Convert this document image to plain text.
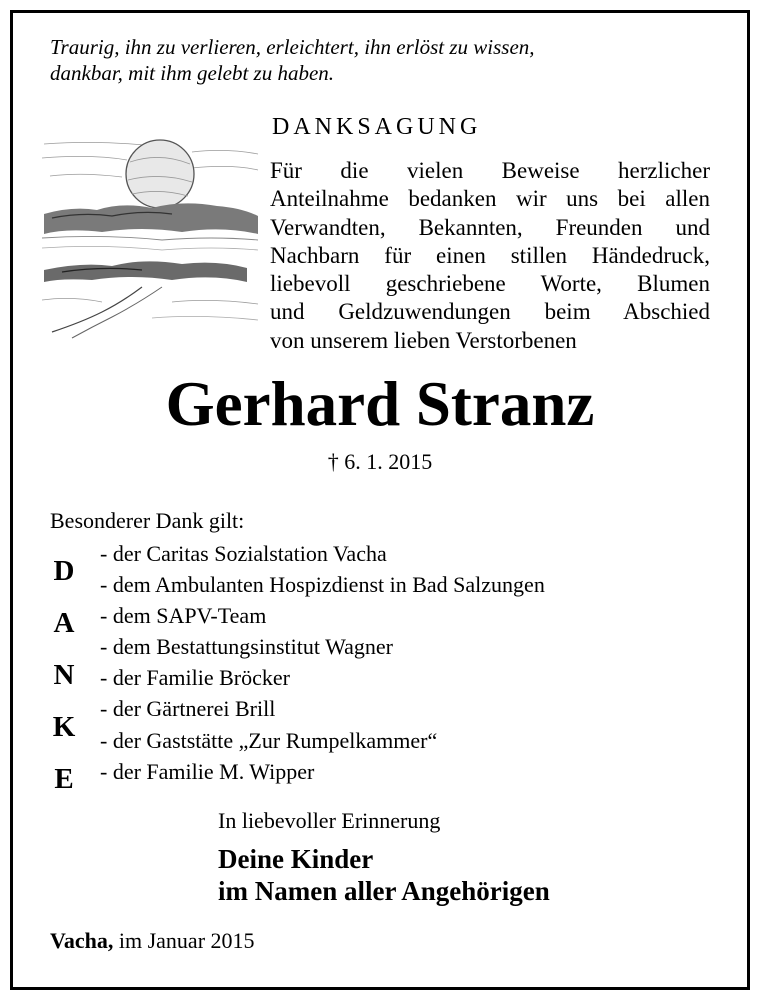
Traurig, ihn zu verlieren, erleichtert, ihn erlöst zu wissen,
dankbar, mit ihm gelebt zu haben.
DANKSAGUNG
Für die vielen Beweise herzlicher
Anteilnahme bedanken wir uns bei allen
Verwandten, Bekannten, Freunden und
Nachbarn für einen stillen Händedruck,
liebevoll geschriebene Worte, Blumen
und Geldzuwendungen beim Abschied
von unserem lieben Verstorbenen
Gerhard Stranz
† 6. 1. 2015
Besonderer Dank gilt:
D
A
N
K
E
- der Caritas Sozialstation Vacha
- dem Ambulanten Hospizdienst in Bad Salzungen
- dem SAPV-Team
- dem Bestattungsinstitut Wagner
- der Familie Bröcker
- der Gärtnerei Brill
- der Gaststätte „Zur Rumpelkammer“
- der Familie M. Wipper
In liebevoller Erinnerung
Deine Kinder
im Namen aller Angehörigen
Vacha, im Januar 2015
